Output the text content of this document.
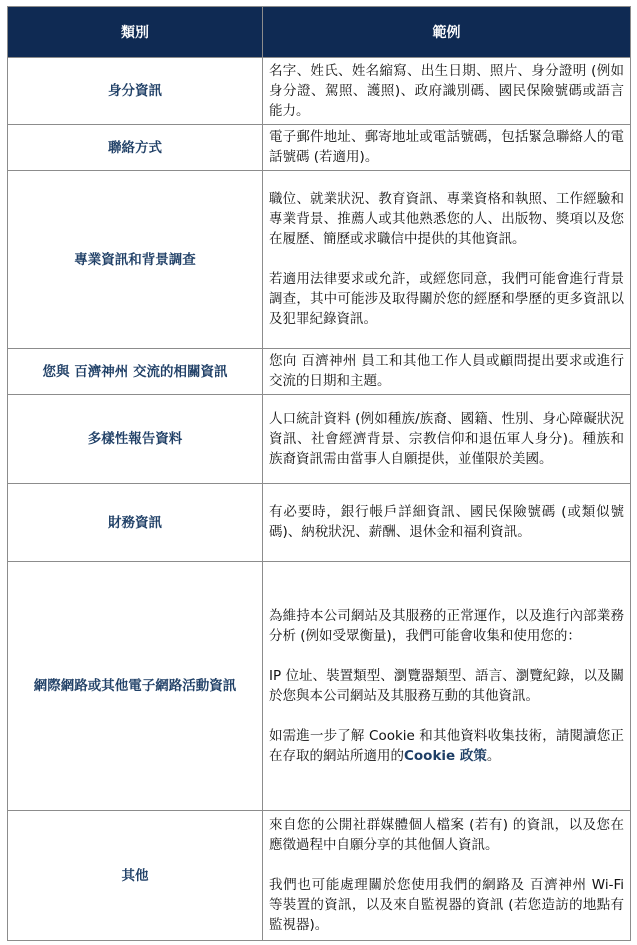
類別	範例
身分資訊	名字、姓氏、姓名縮寫、出生日期、照片、身分證明 (例如身分證、駕照、護照)、政府識別碼、國民保險號碼或語言能力。

聯絡方式	電子郵件地址、郵寄地址或電話號碼，包括緊急聯絡人的電話號碼 (若適用)。

專業資訊和背景調查	職位、就業狀況、教育資訊、專業資格和執照、工作經驗和專業背景、推薦人或其他熟悉您的人、出版物、獎項以及您在履歷、簡歷或求職信中提供的其他資訊。

若適用法律要求或允許，或經您同意，我們可能會進行背景調查，其中可能涉及取得關於您的經歷和學歷的更多資訊以及犯罪紀錄資訊。

您與 百濟神州 交流的相關資訊	您向 百濟神州 員工和其他工作人員或顧問提出要求或進行交流的日期和主題。

多樣性報告資料	人口統計資料 (例如種族/族裔、國籍、性別、身心障礙狀況資訊、社會經濟背景、宗教信仰和退伍軍人身分)。種族和族裔資訊需由當事人自願提供，並僅限於美國。

財務資訊	有必要時，銀行帳戶詳細資訊、國民保險號碼 (或類似號碼)、納稅狀況、薪酬、退休金和福利資訊。

網際網路或其他電子網路活動資訊	為維持本公司網站及其服務的正常運作，以及進行內部業務分析 (例如受眾衡量)，我們可能會收集和使用您的：

IP 位址、裝置類型、瀏覽器類型、語言、瀏覽紀錄，以及關於您與本公司網站及其服務互動的其他資訊。

如需進一步了解 Cookie 和其他資料收集技術，請閱讀您正在存取的網站所適用的Cookie 政策。

其他	來自您的公開社群媒體個人檔案 (若有) 的資訊，以及您在應徵過程中自願分享的其他個人資訊。

我們也可能處理關於您使用我們的網路及 百濟神州 Wi-Fi 等裝置的資訊，以及來自監視器的資訊 (若您造訪的地點有監視器)。
